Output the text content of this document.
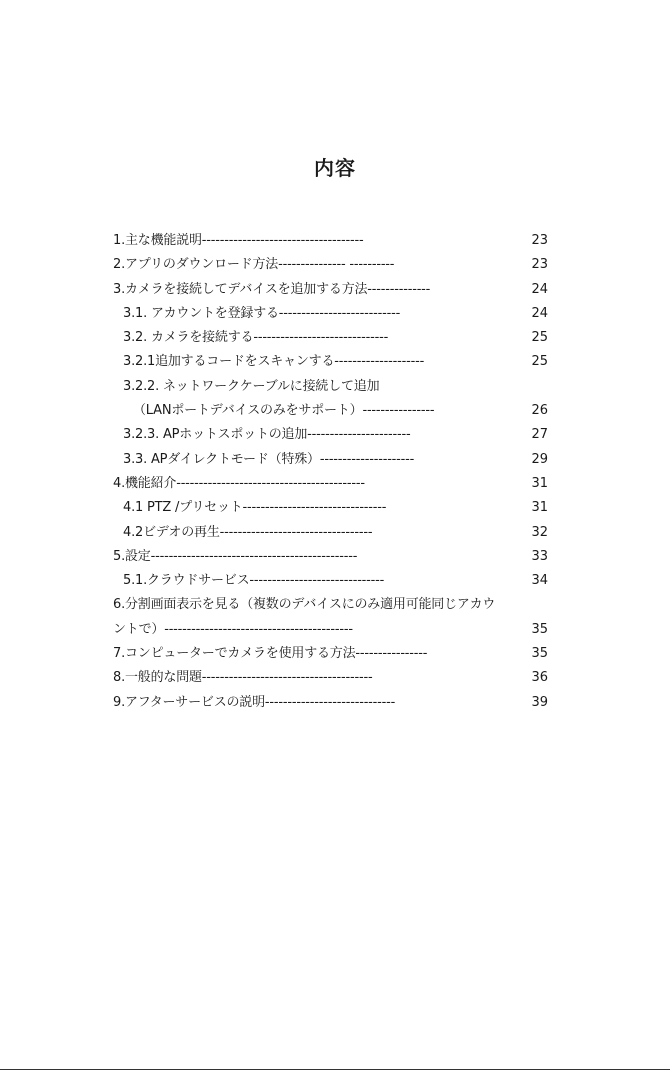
内容
1.主な機能説明------------------------------------	23
2.アプリのダウンロード方法--------------- ----------	23
3.カメラを接続してデバイスを追加する方法--------------	24
3.1. アカウントを登録する---------------------------	24
3.2. カメラを接続する------------------------------	25
3.2.1追加するコードをスキャンする--------------------	25
3.2.2. ネットワークケーブルに接続して追加
（LANポートデバイスのみをサポート）----------------	26
3.2.3. APホットスポットの追加-----------------------	27
3.3. APダイレクトモード（特殊）---------------------	29
4.機能紹介------------------------------------------	31
4.1 PTZ /プリセット--------------------------------	31
4.2ビデオの再生----------------------------------	32
5.設定----------------------------------------------	33
5.1.クラウドサービス------------------------------	34
6.分割画面表示を見る（複数のデバイスにのみ適用可能同じアカウ
ントで）------------------------------------------	35
7.コンピューターでカメラを使用する方法----------------	35
8.一般的な問題--------------------------------------	36
9.アフターサービスの説明-----------------------------	39
